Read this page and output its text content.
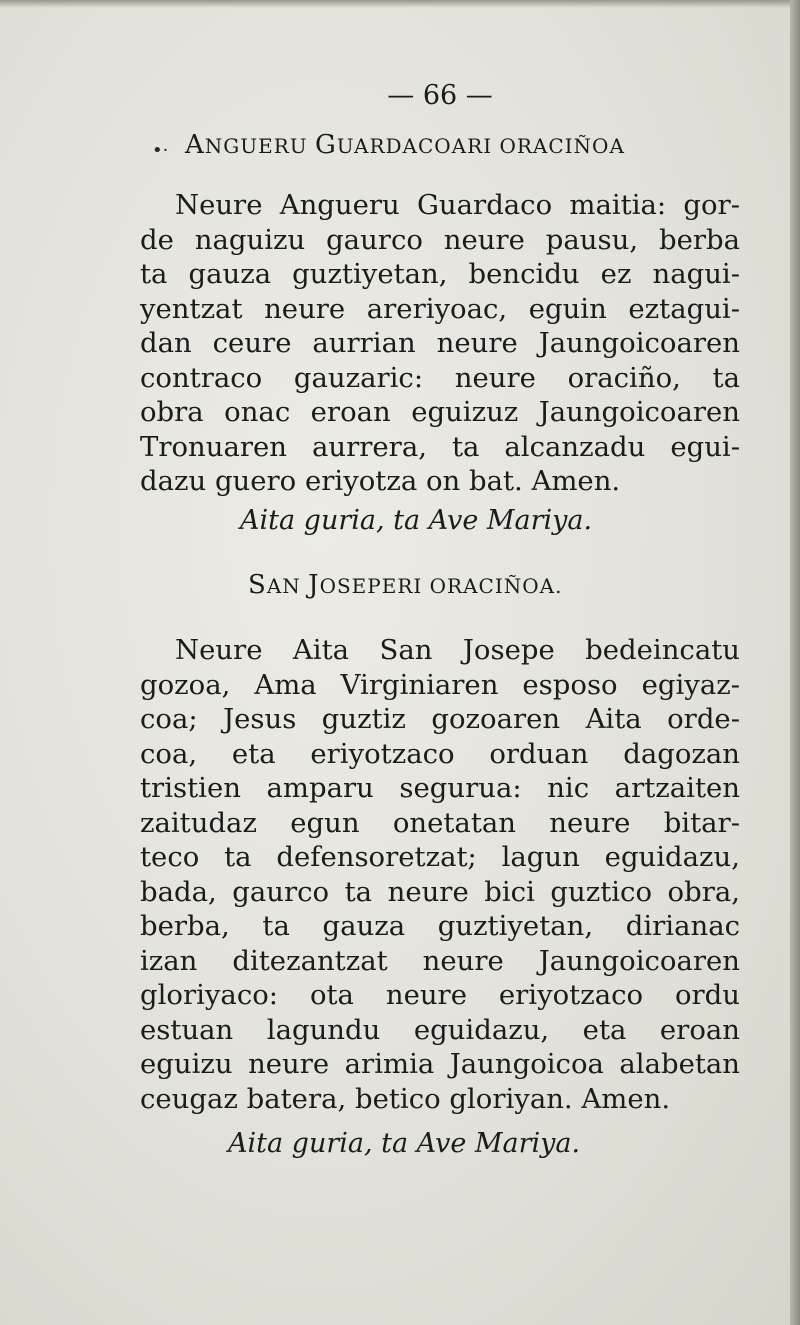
— 66 —
•· ANGUERU GUARDACOARI ORACIÑOA
Neure Angueru Guardaco maitia: gor-
de naguizu gaurco neure pausu, berba
ta gauza guztiyetan, bencidu ez nagui-
yentzat neure areriyoac, eguin eztagui-
dan ceure aurrian neure Jaungoicoaren
contraco gauzaric: neure oraciño, ta
obra onac eroan eguizuz Jaungoicoaren
Tronuaren aurrera, ta alcanzadu egui-
dazu guero eriyotza on bat. Amen.
Aita guria, ta Ave Mariya.
SAN JOSEPERI ORACIÑOA.
Neure Aita San Josepe bedeincatu
gozoa, Ama Virginiaren esposo egiyaz-
coa; Jesus guztiz gozoaren Aita orde-
coa, eta eriyotzaco orduan dagozan
tristien amparu segurua: nic artzaiten
zaitudaz egun onetatan neure bitar-
teco ta defensoretzat; lagun eguidazu,
bada, gaurco ta neure bici guztico obra,
berba, ta gauza guztiyetan, dirianac
izan ditezantzat neure Jaungoicoaren
gloriyaco: ota neure eriyotzaco ordu
estuan lagundu eguidazu, eta eroan
eguizu neure arimia Jaungoicoa alabetan
ceugaz batera, betico gloriyan. Amen.
Aita guria, ta Ave Mariya.
